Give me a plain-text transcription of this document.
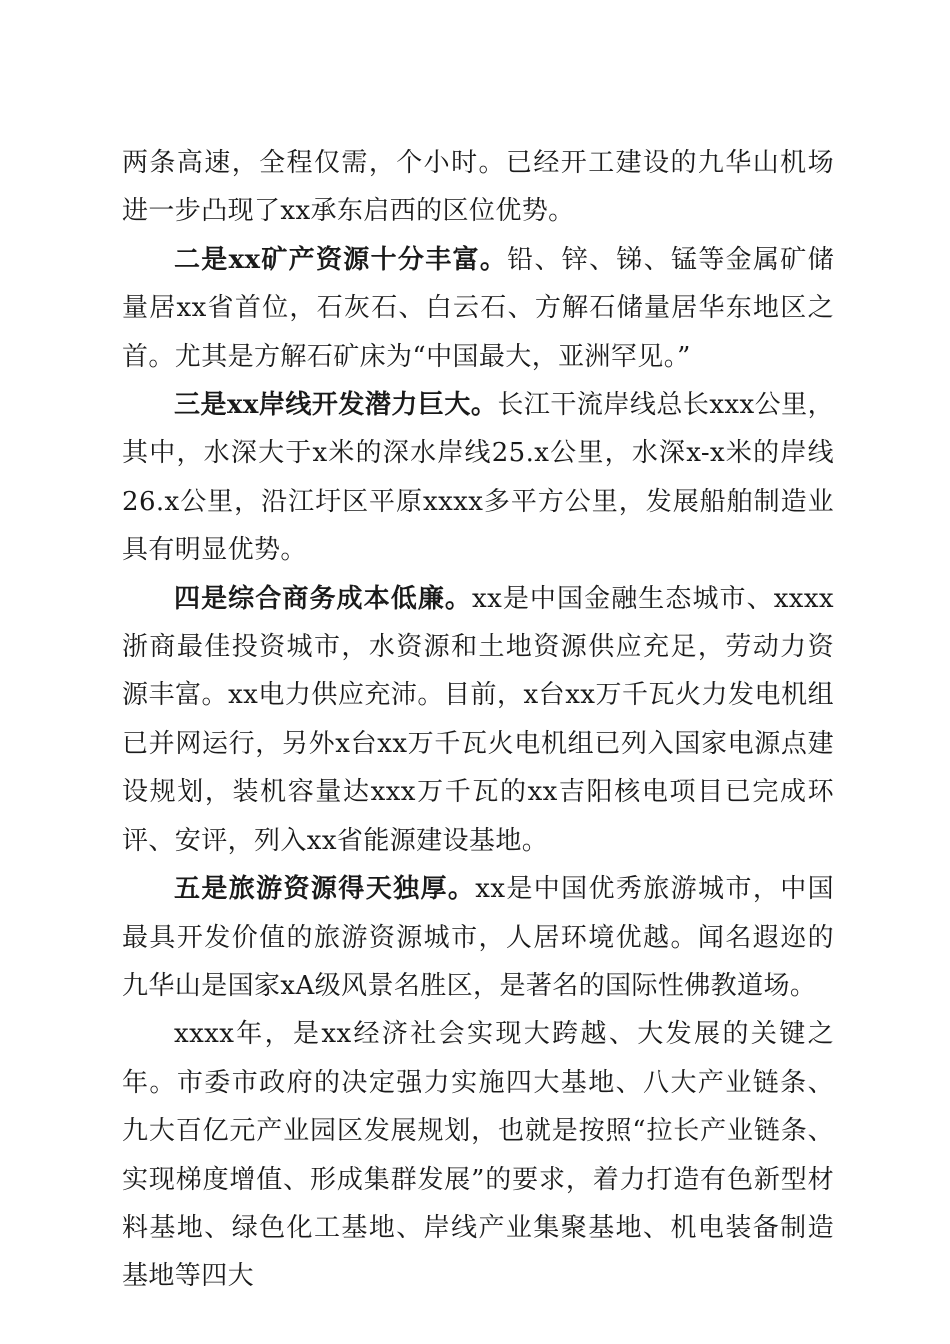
两条高速，全程仅需，个小时。已经开工建设的九华山机场进一步凸现了xx承东启西的区位优势。

二是xx矿产资源十分丰富。铅、锌、锑、锰等金属矿储量居xx省首位，石灰石、白云石、方解石储量居华东地区之首。尤其是方解石矿床为“中国最大，亚洲罕见。”

三是xx岸线开发潜力巨大。长江干流岸线总长xxx公里，其中，水深大于x米的深水岸线25.x公里，水深x-x米的岸线26.x公里，沿江圩区平原xxxx多平方公里，发展船舶制造业具有明显优势。

四是综合商务成本低廉。xx是中国金融生态城市、xxxx浙商最佳投资城市，水资源和土地资源供应充足，劳动力资源丰富。xx电力供应充沛。目前，x台xx万千瓦火力发电机组已并网运行，另外x台xx万千瓦火电机组已列入国家电源点建设规划，装机容量达xxx万千瓦的xx吉阳核电项目已完成环评、安评，列入xx省能源建设基地。

五是旅游资源得天独厚。xx是中国优秀旅游城市，中国最具开发价值的旅游资源城市，人居环境优越。闻名遐迩的九华山是国家xA级风景名胜区，是著名的国际性佛教道场。

xxxx年，是xx经济社会实现大跨越、大发展的关键之年。市委市政府的决定强力实施四大基地、八大产业链条、九大百亿元产业园区发展规划，也就是按照“拉长产业链条、实现梯度增值、形成集群发展”的要求，着力打造有色新型材料基地、绿色化工基地、岸线产业集聚基地、机电装备制造基地等四大
